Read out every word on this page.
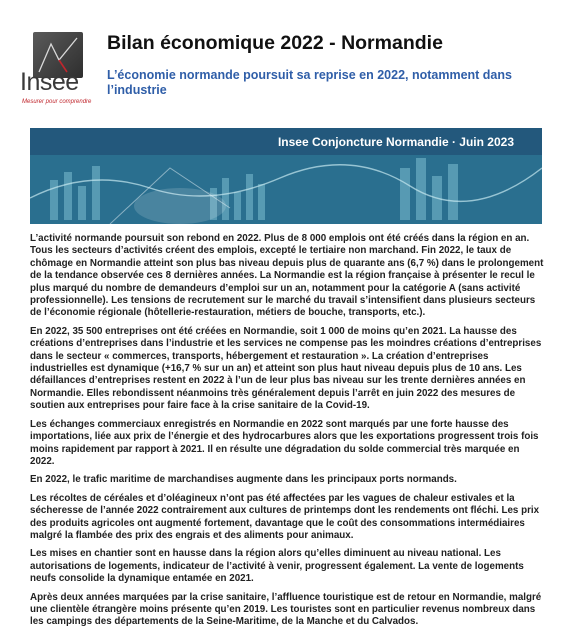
Insee
Mesurer pour comprendre
Bilan économique 2022 - Normandie
L’économie normande poursuit sa reprise en 2022, notamment dans l’industrie
Insee Conjoncture Normandie · Juin 2023

L’activité normande poursuit son rebond en 2022. Plus de 8 000 emplois ont été créés dans la région en an. Tous les secteurs d’activités créent des emplois, excepté le tertiaire non marchand. Fin 2022, le taux de chômage en Normandie atteint son plus bas niveau depuis plus de quarante ans (6,7 %) dans le prolongement de la tendance observée ces 8 dernières années. La Normandie est la région française à présenter le recul le plus marqué du nombre de demandeurs d’emploi sur un an, notamment pour la catégorie A (sans activité professionnelle). Les tensions de recrutement sur le marché du travail s’intensifient dans plusieurs secteurs de l’économie régionale (hôtellerie-restauration, métiers de bouche, transports, etc.).

En 2022, 35 500 entreprises ont été créées en Normandie, soit 1 000 de moins qu’en 2021. La hausse des créations d’entreprises dans l’industrie et les services ne compense pas les moindres créations d’entreprises dans le secteur « commerces, transports, hébergement et restauration ». La création d’entreprises industrielles est dynamique (+16,7 % sur un an) et atteint son plus haut niveau depuis plus de 10 ans. Les défaillances d’entreprises restent en 2022 à l’un de leur plus bas niveau sur les trente dernières années en Normandie. Elles rebondissent néanmoins très généralement depuis l’arrêt en juin 2022 des mesures de soutien aux entreprises pour faire face à la crise sanitaire de la Covid-19.

Les échanges commerciaux enregistrés en Normandie en 2022 sont marqués par une forte hausse des importations, liée aux prix de l’énergie et des hydrocarbures alors que les exportations progressent trois fois moins rapidement par rapport à 2021. Il en résulte une dégradation du solde commercial très marquée en 2022.

En 2022, le trafic maritime de marchandises augmente dans les principaux ports normands.

Les récoltes de céréales et d’oléagineux n’ont pas été affectées par les vagues de chaleur estivales et la sécheresse de l’année 2022 contrairement aux cultures de printemps dont les rendements ont fléchi. Les prix des produits agricoles ont augmenté fortement, davantage que le coût des consommations intermédiaires malgré la flambée des prix des engrais et des aliments pour animaux.

Les mises en chantier sont en hausse dans la région alors qu’elles diminuent au niveau national. Les autorisations de logements, indicateur de l’activité à venir, progressent également. La vente de logements neufs consolide la dynamique entamée en 2021.

Après deux années marquées par la crise sanitaire, l’affluence touristique est de retour en Normandie, malgré une clientèle étrangère moins présente qu’en 2019. Les touristes sont en particulier revenus nombreux dans les campings des départements de la Seine-Maritime, de la Manche et du Calvados.
